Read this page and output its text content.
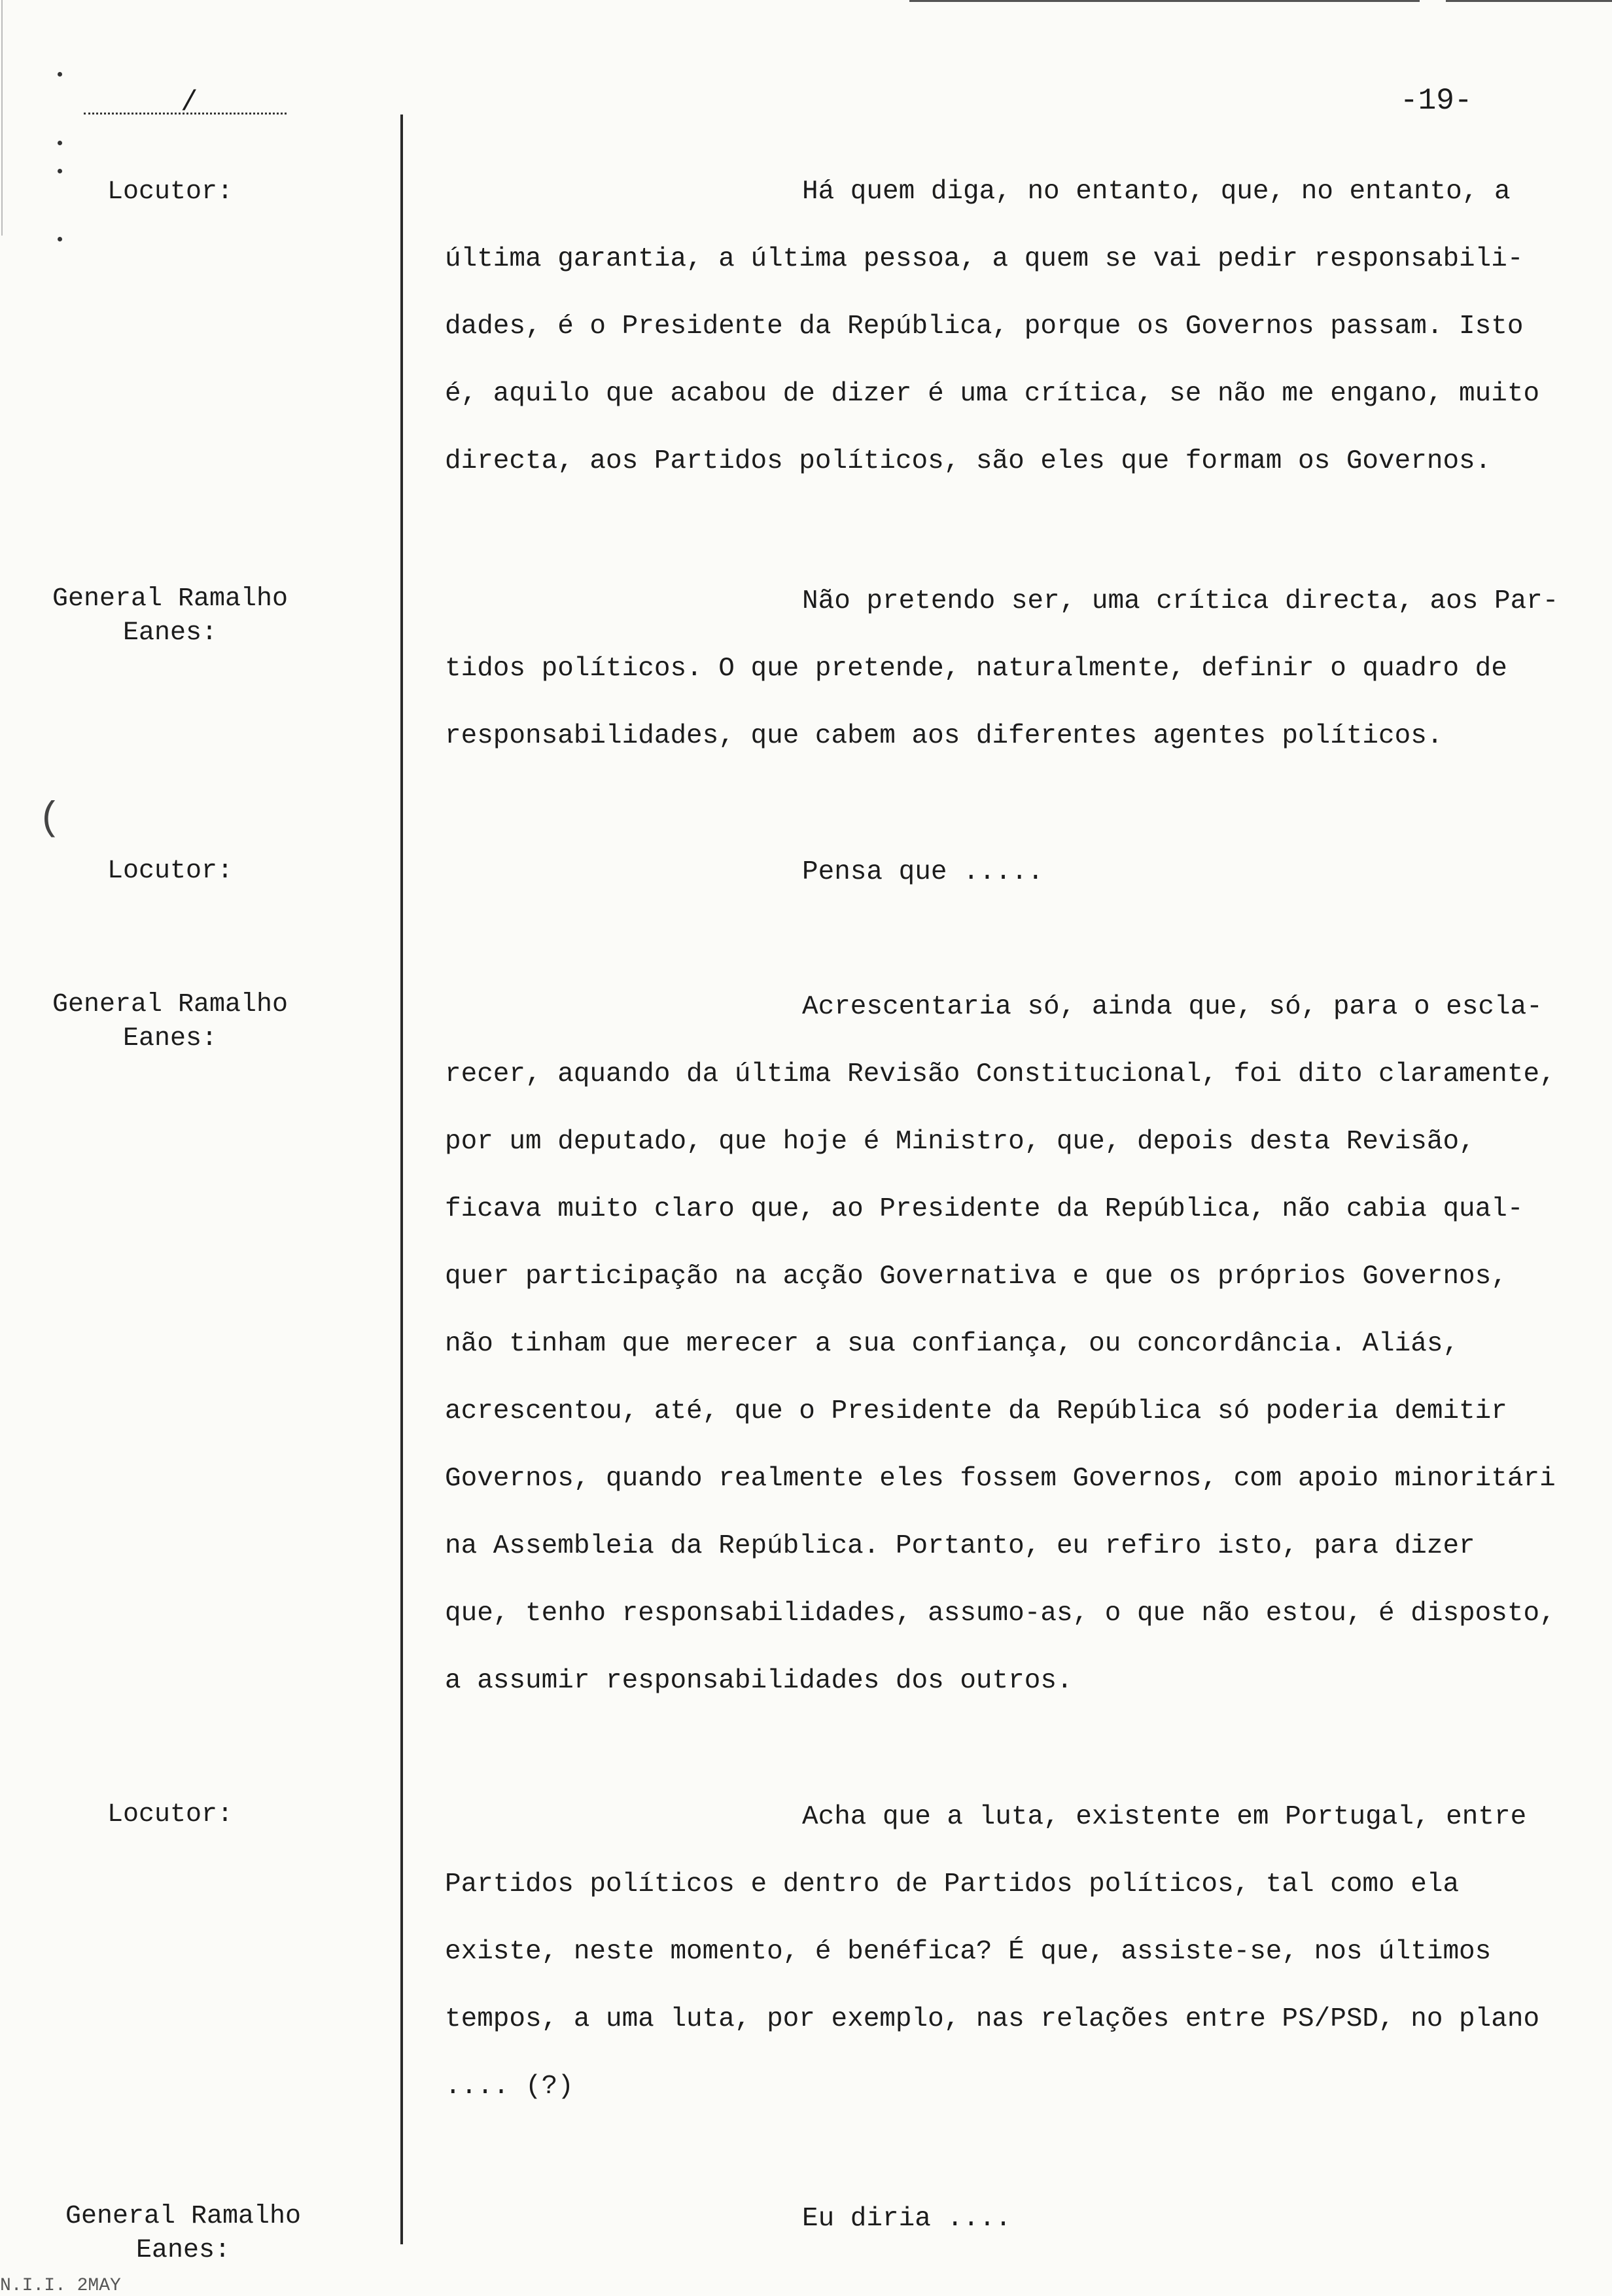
/	-19-
Locutor:
General Ramalho
Eanes:
Locutor:
General Ramalho
Eanes:
Locutor:
General Ramalho
Eanes:
(
Há quem diga, no entanto, que, no entanto, a
última garantia, a última pessoa, a quem se vai pedir responsabili-
dades, é o Presidente da República, porque os Governos passam. Isto
é, aquilo que acabou de dizer é uma crítica, se não me engano, muito
directa, aos Partidos políticos, são eles que formam os Governos.
Não pretendo ser, uma crítica directa, aos Par-
tidos políticos. O que pretende, naturalmente, definir o quadro de
responsabilidades, que cabem aos diferentes agentes políticos.
Pensa que .....
Acrescentaria só, ainda que, só, para o escla-
recer, aquando da última Revisão Constitucional, foi dito claramente,
por um deputado, que hoje é Ministro, que, depois desta Revisão,
ficava muito claro que, ao Presidente da República, não cabia qual-
quer participação na acção Governativa e que os próprios Governos,
não tinham que merecer a sua confiança, ou concordância. Aliás,
acrescentou, até, que o Presidente da República só poderia demitir
Governos, quando realmente eles fossem Governos, com apoio minoritári
na Assembleia da República. Portanto, eu refiro isto, para dizer
que, tenho responsabilidades, assumo-as, o que não estou, é disposto,
a assumir responsabilidades dos outros.
Acha que a luta, existente em Portugal, entre
Partidos políticos e dentro de Partidos políticos, tal como ela
existe, neste momento, é benéfica? É que, assiste-se, nos últimos
tempos, a uma luta, por exemplo, nas relações entre PS/PSD, no plano
.... (?)
Eu diria ....
N.I.I. 2MAY
